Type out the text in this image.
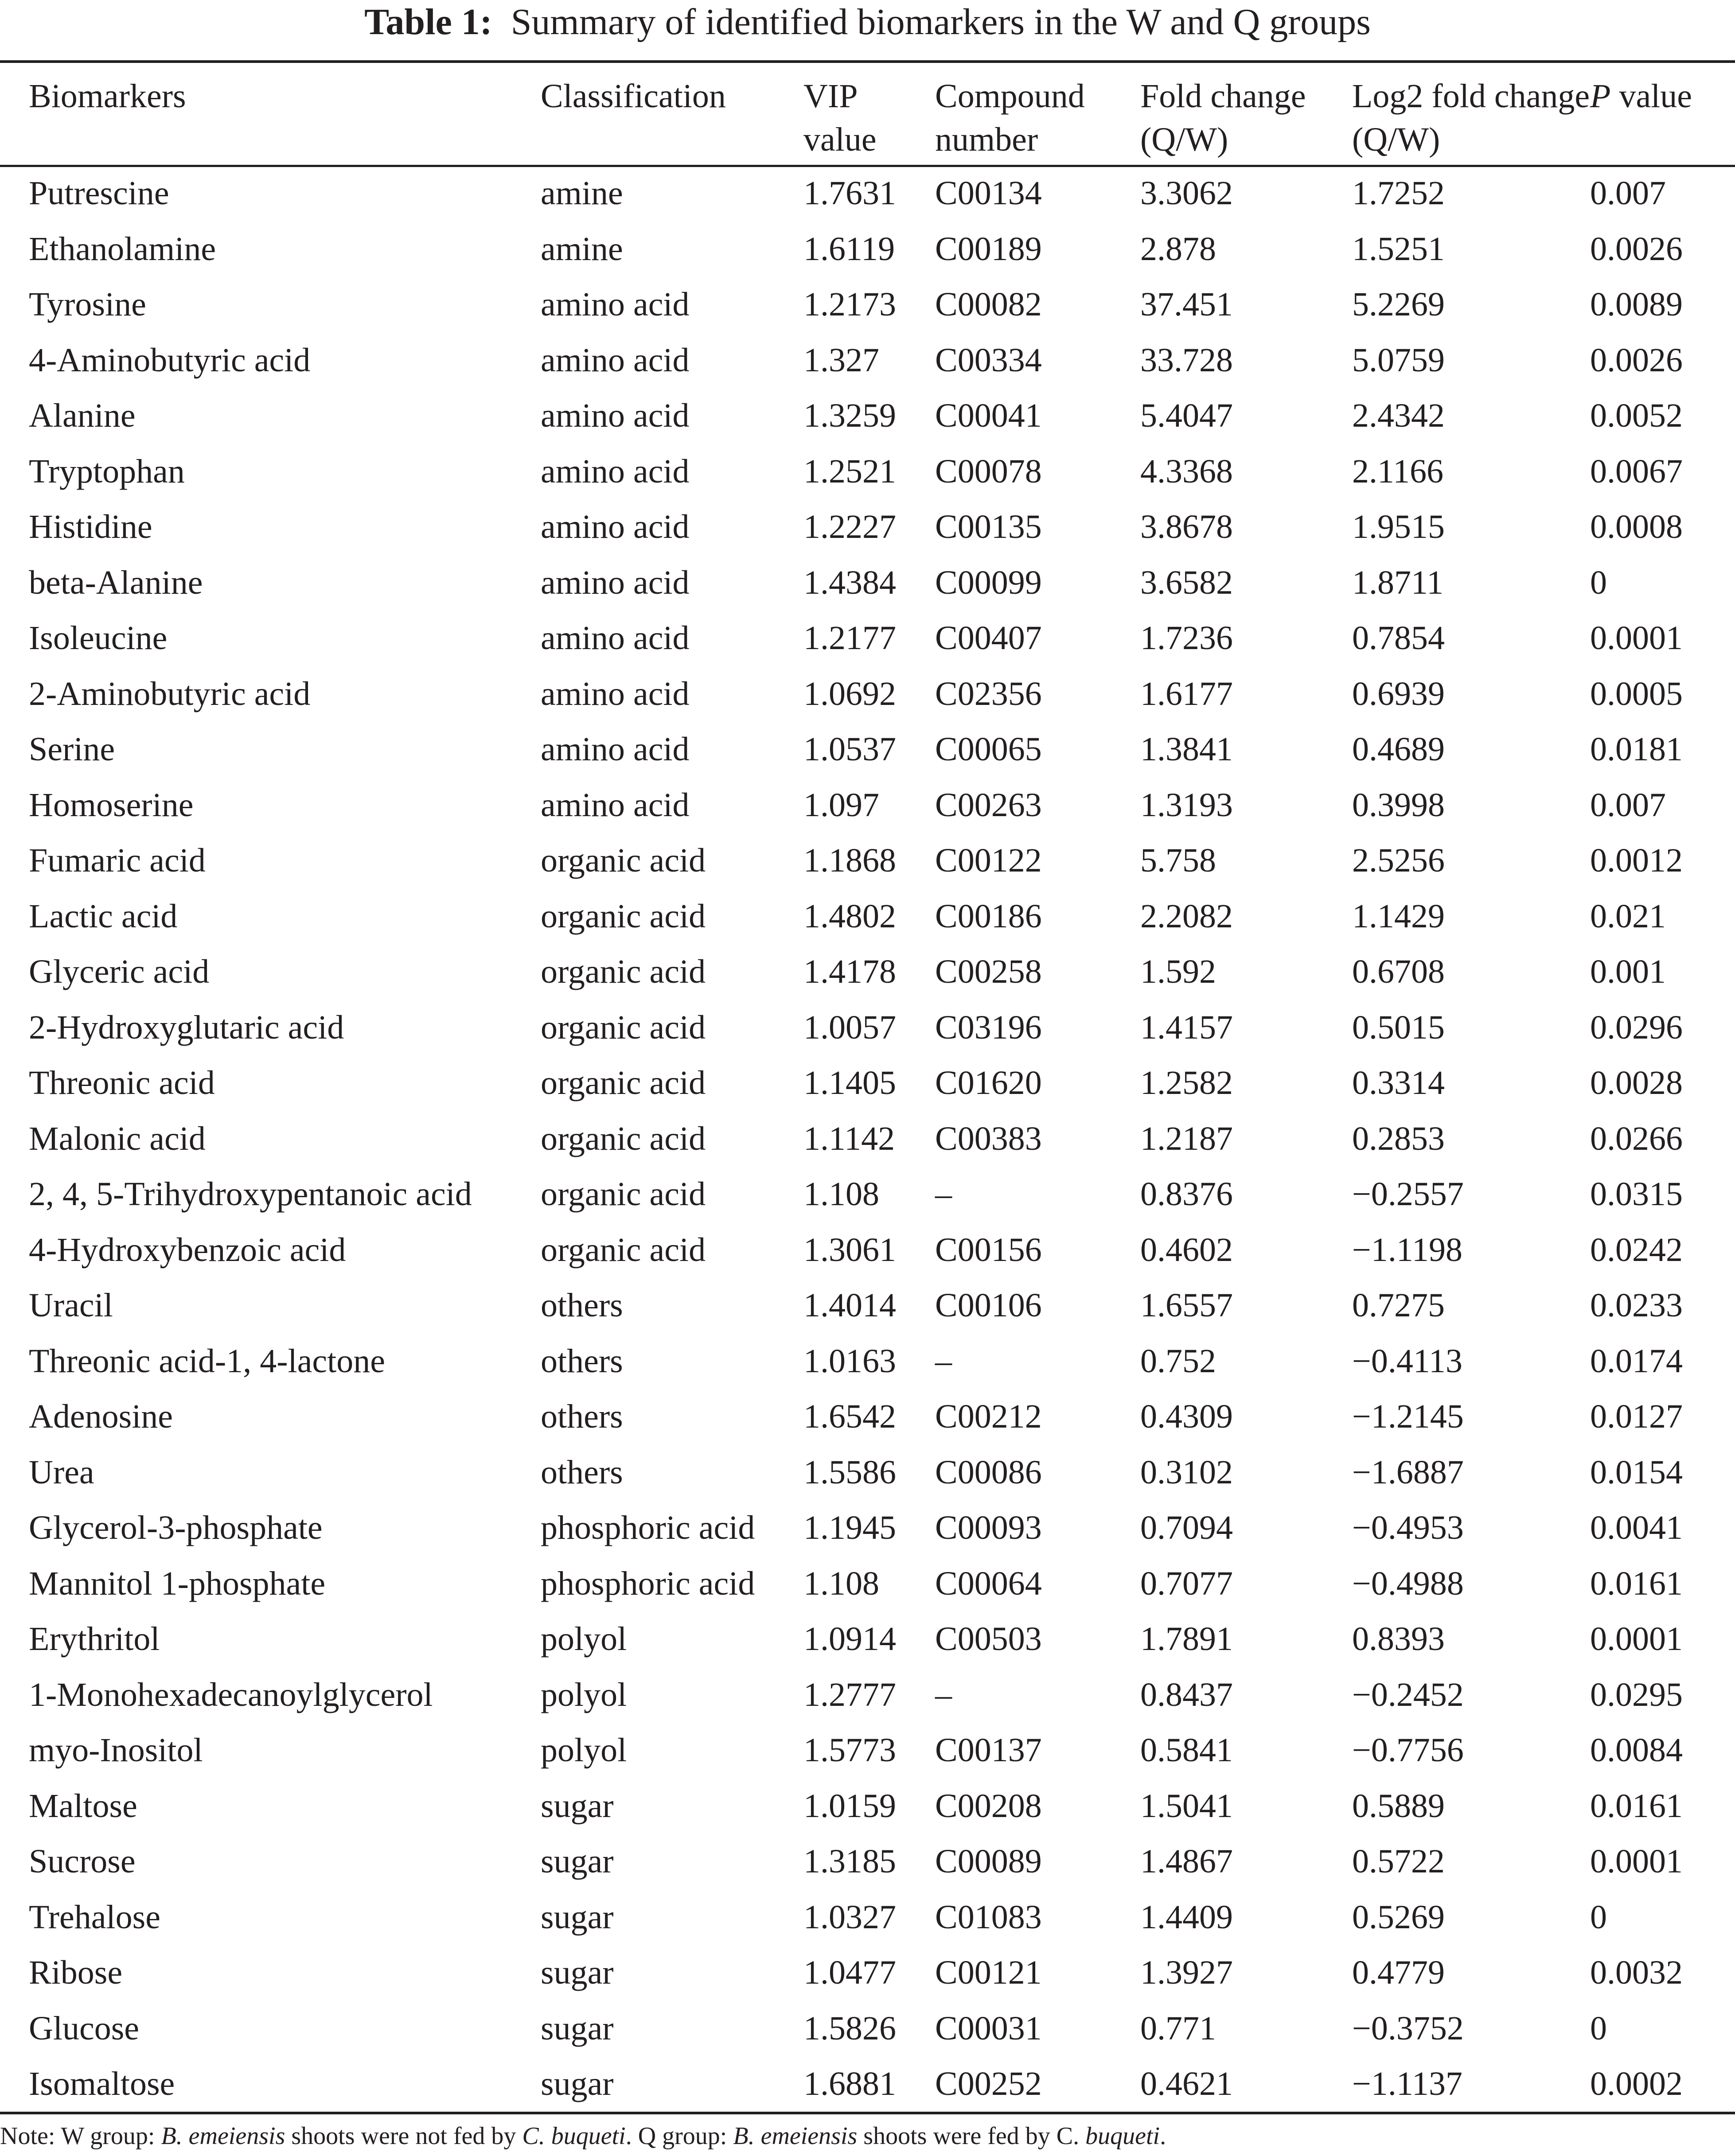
Table 1: Summary of identified biomarkers in the W and Q groups
Biomarkers	Classification	VIP value	Compound number	Fold change (Q/W)	Log2 fold change (Q/W)	P value
Putrescine	amine	1.7631	C00134	3.3062	1.7252	0.007
Ethanolamine	amine	1.6119	C00189	2.878	1.5251	0.0026
Tyrosine	amino acid	1.2173	C00082	37.451	5.2269	0.0089
4-Aminobutyric acid	amino acid	1.327	C00334	33.728	5.0759	0.0026
Alanine	amino acid	1.3259	C00041	5.4047	2.4342	0.0052
Tryptophan	amino acid	1.2521	C00078	4.3368	2.1166	0.0067
Histidine	amino acid	1.2227	C00135	3.8678	1.9515	0.0008
beta-Alanine	amino acid	1.4384	C00099	3.6582	1.8711	0
Isoleucine	amino acid	1.2177	C00407	1.7236	0.7854	0.0001
2-Aminobutyric acid	amino acid	1.0692	C02356	1.6177	0.6939	0.0005
Serine	amino acid	1.0537	C00065	1.3841	0.4689	0.0181
Homoserine	amino acid	1.097	C00263	1.3193	0.3998	0.007
Fumaric acid	organic acid	1.1868	C00122	5.758	2.5256	0.0012
Lactic acid	organic acid	1.4802	C00186	2.2082	1.1429	0.021
Glyceric acid	organic acid	1.4178	C00258	1.592	0.6708	0.001
2-Hydroxyglutaric acid	organic acid	1.0057	C03196	1.4157	0.5015	0.0296
Threonic acid	organic acid	1.1405	C01620	1.2582	0.3314	0.0028
Malonic acid	organic acid	1.1142	C00383	1.2187	0.2853	0.0266
2, 4, 5-Trihydroxypentanoic acid	organic acid	1.108	–	0.8376	−0.2557	0.0315
4-Hydroxybenzoic acid	organic acid	1.3061	C00156	0.4602	−1.1198	0.0242
Uracil	others	1.4014	C00106	1.6557	0.7275	0.0233
Threonic acid-1, 4-lactone	others	1.0163	–	0.752	−0.4113	0.0174
Adenosine	others	1.6542	C00212	0.4309	−1.2145	0.0127
Urea	others	1.5586	C00086	0.3102	−1.6887	0.0154
Glycerol-3-phosphate	phosphoric acid	1.1945	C00093	0.7094	−0.4953	0.0041
Mannitol 1-phosphate	phosphoric acid	1.108	C00064	0.7077	−0.4988	0.0161
Erythritol	polyol	1.0914	C00503	1.7891	0.8393	0.0001
1-Monohexadecanoylglycerol	polyol	1.2777	–	0.8437	−0.2452	0.0295
myo-Inositol	polyol	1.5773	C00137	0.5841	−0.7756	0.0084
Maltose	sugar	1.0159	C00208	1.5041	0.5889	0.0161
Sucrose	sugar	1.3185	C00089	1.4867	0.5722	0.0001
Trehalose	sugar	1.0327	C01083	1.4409	0.5269	0
Ribose	sugar	1.0477	C00121	1.3927	0.4779	0.0032
Glucose	sugar	1.5826	C00031	0.771	−0.3752	0
Isomaltose	sugar	1.6881	C00252	0.4621	−1.1137	0.0002
Note: W group: B. emeiensis shoots were not fed by C. buqueti. Q group: B. emeiensis shoots were fed by C. buqueti.
